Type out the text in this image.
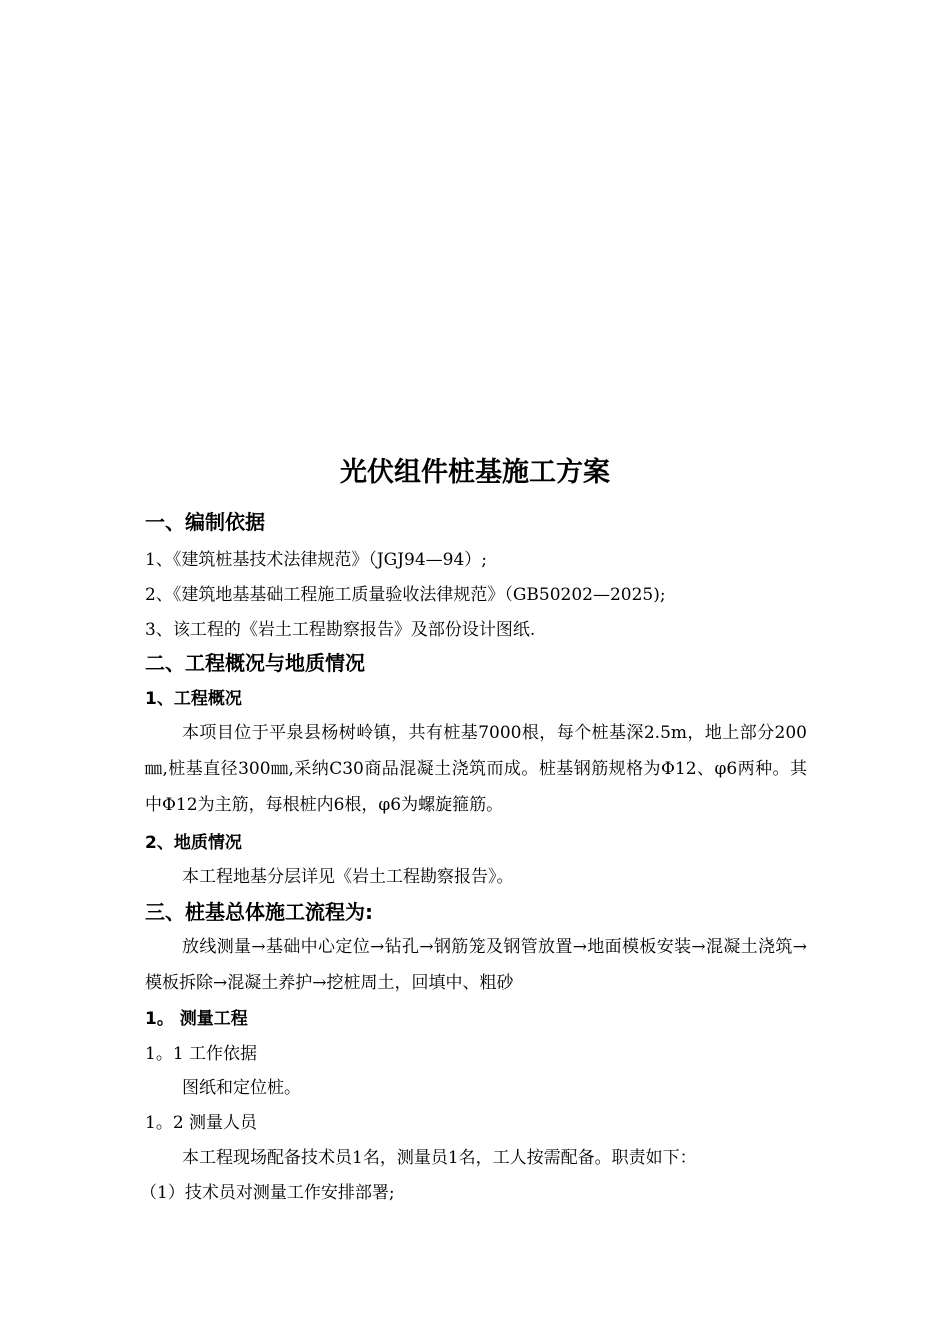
光伏组件桩基施工方案
一、编制依据
1、《建筑桩基技术法律规范》（JGJ94—94）;
2、《建筑地基基础工程施工质量验收法律规范》（GB50202—2025);
3、该工程的《岩土工程勘察报告》及部份设计图纸.
二、工程概况与地质情况
1、工程概况
本项目位于平泉县杨树岭镇，共有桩基7000根，每个桩基深2.5m，地上部分200㎜,桩基直径300㎜,采纳C30商品混凝土浇筑而成。桩基钢筋规格为Φ12、φ6两种。其中Φ12为主筋，每根桩内6根，φ6为螺旋箍筋。
2、地质情况
本工程地基分层详见《岩土工程勘察报告》。
三、桩基总体施工流程为:
放线测量→基础中心定位→钻孔→钢筋笼及钢管放置→地面模板安装→混凝土浇筑→模板拆除→混凝土养护→挖桩周土，回填中、粗砂
1。 测量工程
1。1 工作依据
图纸和定位桩。
1。2 测量人员
本工程现场配备技术员1名，测量员1名，工人按需配备。职责如下：
（1）技术员对测量工作安排部署;
